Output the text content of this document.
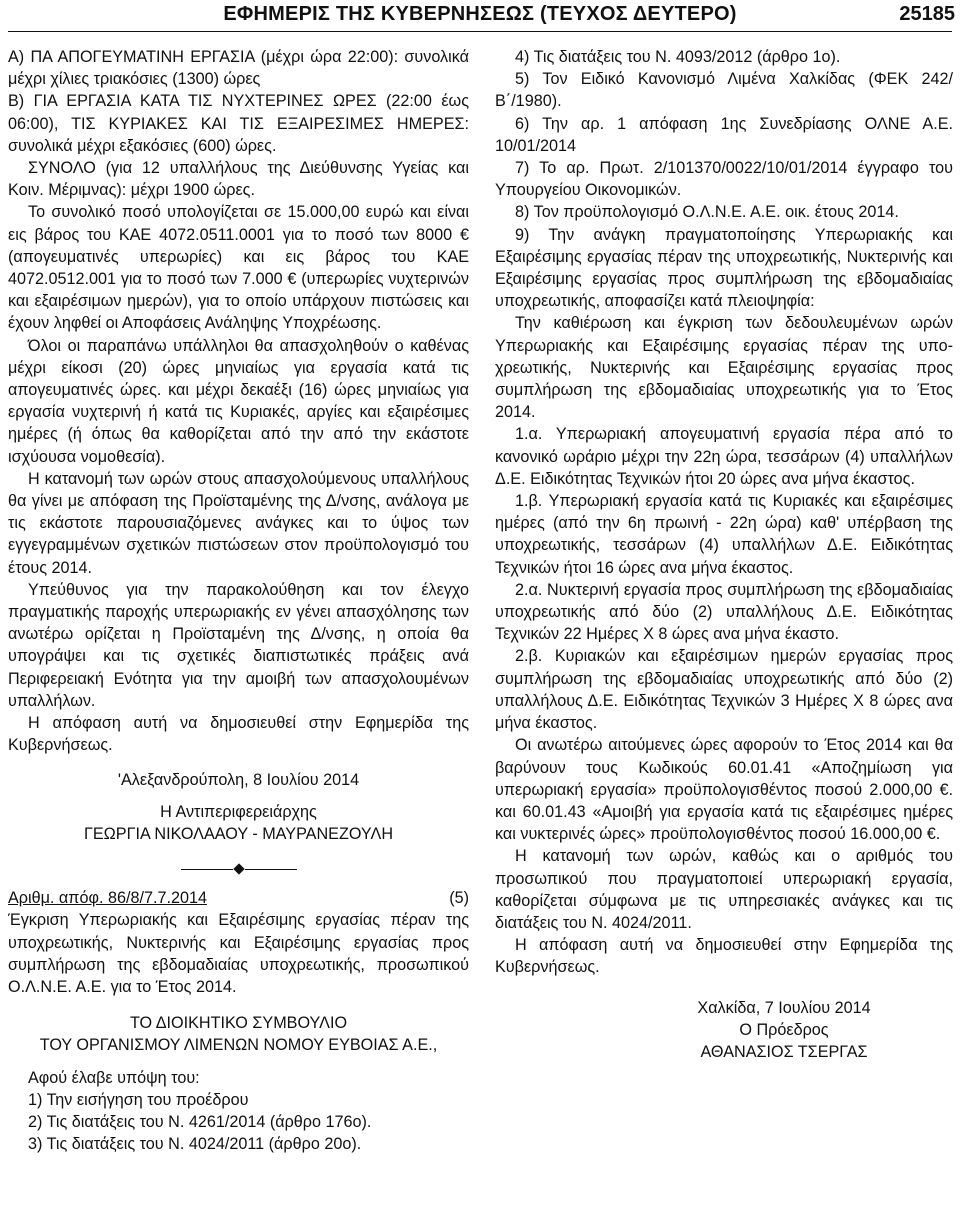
ΕΦΗΜΕΡΙΣ ΤΗΣ ΚΥΒΕΡΝΗΣΕΩΣ (ΤΕΥΧΟΣ ΔΕΥΤΕΡΟ)	25185

Α) ΠΑ ΑΠΟΓΕΥΜΑΤΙΝΗ ΕΡΓΑΣΙΑ (μέχρι ώρα 22:00): συνολικά μέχρι χίλιες τριακόσιες (1300) ώρες

Β) ΓΙΑ ΕΡΓΑΣΙΑ ΚΑΤΑ ΤΙΣ ΝΥΧΤΕΡΙΝΕΣ ΩΡΕΣ (22:00 έως 06:00), ΤΙΣ ΚΥΡΙΑΚΕΣ ΚΑΙ ΤΙΣ ΕΞΑΙΡΕΣΙΜΕΣ ΗΜΕΡΕΣ: συνολικά μέχρι εξακόσιες (600) ώρες.

ΣΥΝΟΛΟ (για 12 υπαλλήλους της Διεύθυνσης Υγείας και Κοιν. Μέριμνας): μέχρι 1900 ώρες.

Το συνολικό ποσό υπολογίζεται σε 15.000,00 ευρώ και είναι εις βάρος του ΚΑΕ 4072.0511.0001 για το ποσό των 8000 € (απογευματινές υπερωρίες) και εις βάρος του ΚΑΕ 4072.0512.001 για το ποσό των 7.000 € (υπερωρίες νυχτερινών και εξαιρέσιμων ημερών), για το οποίο υπάρχουν πιστώσεις και έχουν ληφθεί οι Αποφάσεις Ανάληψης Υποχρέωσης.

Όλοι οι παραπάνω υπάλληλοι θα απασχοληθούν ο καθένας μέχρι είκοσι (20) ώρες μηνιαίως για εργασία κατά τις απογευματινές ώρες. και μέχρι δεκαέξι (16) ώρες μηνιαίως για εργασία νυχτερινή ή κατά τις Κυριακές, αργίες και εξαιρέσιμες ημέρες (ή όπως θα καθορίζεται από την από την εκάστοτε ισχύουσα νομοθεσία).

Η κατανομή των ωρών στους απασχολούμενους υπαλλήλους θα γίνει με απόφαση της Προϊσταμένης της Δ/νσης, ανάλογα με τις εκάστοτε παρουσιαζόμενες ανάγκες και το ύψος των εγγεγραμμένων σχετικών πιστώσεων στον προϋπολογισμό του έτους 2014.

Υπεύθυνος για την παρακολούθηση και τον έλεγχο πραγματικής παροχής υπερωριακής εν γένει απασχόλησης των ανωτέρω ορίζεται η Προϊσταμένη της Δ/νσης, η οποία θα υπογράψει και τις σχετικές διαπιστωτικές πράξεις ανά Περιφερειακή Ενότητα για την αμοιβή των απασχολουμένων υπαλλήλων.

Η απόφαση αυτή να δημοσιευθεί στην Εφημερίδα της Κυβερνήσεως.

'Αλεξανδρούπολη, 8 Ιουλίου 2014

Η Αντιπεριφερειάρχης

ΓΕΩΡΓΙΑ ΝΙΚΟΛΑΑΟΥ - ΜΑΥΡΑΝΕΖΟΥΛΗ

Αριθμ. απόφ. 86/8/7.7.2014	(5)

Έγκριση Υπερωριακής και Εξαιρέσιμης εργασίας πέραν της υποχρεωτικής, Νυκτερινής και Εξαιρέσιμης εργασίας προς συμπλήρωση της εβδομαδιαίας υποχρεωτικής, προσωπικού Ο.Λ.Ν.Ε. Α.Ε. για το Έτος 2014.

ΤΟ ΔΙΟΙΚΗΤΙΚΟ ΣΥΜΒΟΥΛΙΟ

ΤΟΥ ΟΡΓΑΝΙΣΜΟΥ ΛΙΜΕΝΩΝ ΝΟΜΟΥ ΕΥΒΟΙΑΣ Α.Ε.,

Αφού έλαβε υπόψη του:

1) Την εισήγηση του προέδρου

2) Τις διατάξεις του Ν. 4261/2014 (άρθρο 176ο).

3) Τις διατάξεις του Ν. 4024/2011 (άρθρο 20ο).

4) Τις διατάξεις του Ν. 4093/2012 (άρθρο 1ο).

5) Τον Ειδικό Κανονισμό Λιμένα Χαλκίδας (ΦΕΚ 242/ Β΄/1980).

6) Την αρ. 1 απόφαση 1ης Συνεδρίασης ΟΛΝΕ Α.Ε. 10/01/2014

7) Το αρ. Πρωτ. 2/101370/0022/10/01/2014 έγγραφο του Υπουργείου Οικονομικών.

8) Τον προϋπολογισμό Ο.Λ.Ν.Ε. Α.Ε. οικ. έτους 2014.

9) Την ανάγκη πραγματοποίησης Υπερωριακής και Εξαιρέσιμης εργασίας πέραν της υποχρεωτικής, Νυκτερινής και Εξαιρέσιμης εργασίας προς συμπλήρωση της εβδομαδιαίας υποχρεωτικής, αποφασίζει κατά πλειοψηφία:

Την καθιέρωση και έγκριση των δεδουλευμένων ωρών Υπερωριακής και Εξαιρέσιμης εργασίας πέραν της υποχρεωτικής, Νυκτερινής και Εξαιρέσιμης εργασίας προς συμπλήρωση της εβδομαδιαίας υποχρεωτικής για το Έτος 2014.

1.α. Υπερωριακή απογευματινή εργασία πέρα από το κανονικό ωράριο μέχρι την 22η ώρα, τεσσάρων (4) υπαλλήλων Δ.Ε. Ειδικότητας Τεχνικών ήτοι 20 ώρες ανα μήνα έκαστος.

1.β. Υπερωριακή εργασία κατά τις Κυριακές και εξαιρέσιμες ημέρες (από την 6η πρωινή - 22η ώρα) καθ' υπέρβαση της υποχρεωτικής, τεσσάρων (4) υπαλλήλων Δ.Ε. Ειδικότητας Τεχνικών ήτοι 16 ώρες ανα μήνα έκαστος.

2.α. Νυκτερινή εργασία προς συμπλήρωση της εβδομαδιαίας υποχρεωτικής από δύο (2) υπαλλήλους Δ.Ε. Ειδικότητας Τεχνικών 22 Ημέρες Χ 8 ώρες ανα μήνα έκαστο.

2.β. Κυριακών και εξαιρέσιμων ημερών εργασίας προς συμπλήρωση της εβδομαδιαίας υποχρεωτικής από δύο (2) υπαλλήλους Δ.Ε. Ειδικότητας Τεχνικών 3 Ημέρες Χ 8 ώρες ανα μήνα έκαστος.

Οι ανωτέρω αιτούμενες ώρες αφορούν το Έτος 2014 και θα βαρύνουν τους Κωδικούς 60.01.41 «Αποζημίωση για υπερωριακή εργασία» προϋπολογισθέντος ποσού 2.000,00 €. και 60.01.43 «Αμοιβή για εργασία κατά τις εξαιρέσιμες ημέρες και νυκτερινές ώρες» προϋπολογισθέντος ποσού 16.000,00 €.

Η κατανομή των ωρών, καθώς και ο αριθμός του προσωπικού που πραγματοποιεί υπερωριακή εργασία, καθορίζεται σύμφωνα με τις υπηρεσιακές ανάγκες και τις διατάξεις του Ν. 4024/2011.

Η απόφαση αυτή να δημοσιευθεί στην Εφημερίδα της Κυβερνήσεως.

Χαλκίδα, 7 Ιουλίου 2014

Ο Πρόεδρος

ΑΘΑΝΑΣΙΟΣ ΤΣΕΡΓΑΣ
